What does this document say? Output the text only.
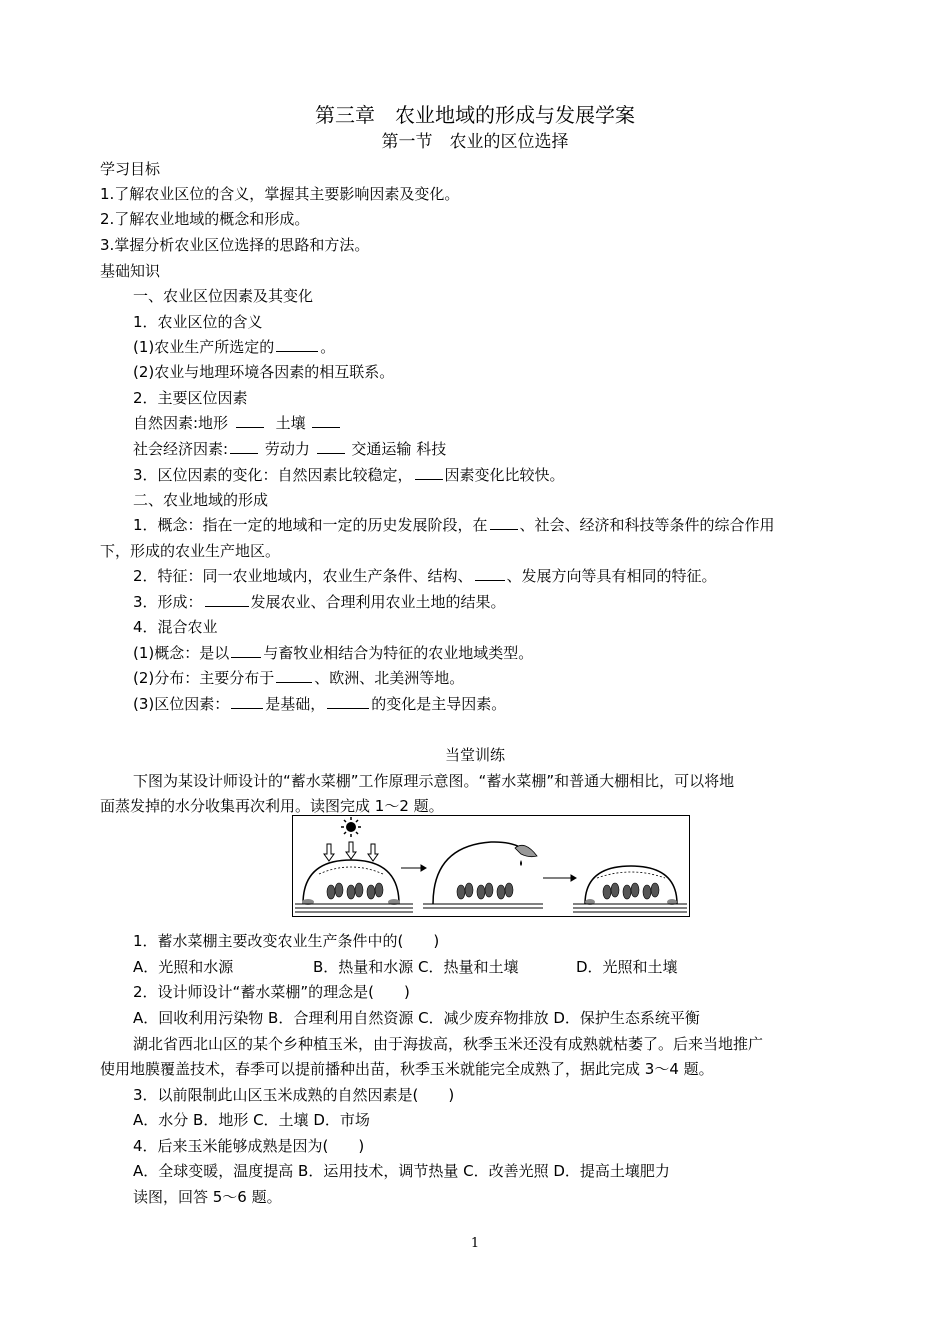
第三章　农业地域的形成与发展学案
第一节　农业的区位选择
学习目标
1.了解农业区位的含义，掌握其主要影响因素及变化。
2.了解农业地域的概念和形成。
3.掌握分析农业区位选择的思路和方法。
基础知识
一、农业区位因素及其变化
1．农业区位的含义
(1)农业生产所选定的	。
(2)农业与地理环境各因素的相互联系。
2．主要区位因素
自然因素:地形	土壤
社会经济因素: 劳动力	交通运输 科技
3．区位因素的变化：自然因素比较稳定， 因素变化比较快。
二、农业地域的形成
1．概念：指在一定的地域和一定的历史发展阶段，在 、社会、经济和科技等条件的综合作用
下，形成的农业生产地区。
2．特征：同一农业地域内，农业生产条件、结构、 、发展方向等具有相同的特征。
3．形成：	发展农业、合理利用农业土地的结果。
4．混合农业
(1)概念：是以 与畜牧业相结合为特征的农业地域类型。
(2)分布：主要分布于	、欧洲、北美洲等地。
(3)区位因素： 是基础，	的变化是主导因素。
当堂训练
下图为某设计师设计的“蓄水菜棚”工作原理示意图。“蓄水菜棚”和普通大棚相比，可以将地
面蒸发掉的水分收集再次利用。读图完成 1～2 题。
1．蓄水菜棚主要改变农业生产条件中的(　　)
A．光照和水源	B．热量和水源 C．热量和土壤	D．光照和土壤
2．设计师设计“蓄水菜棚”的理念是(　　)
A．回收利用污染物 B．合理利用自然资源 C．减少废弃物排放 D．保护生态系统平衡
湖北省西北山区的某个乡种植玉米，由于海拔高，秋季玉米还没有成熟就枯萎了。后来当地推广
使用地膜覆盖技术，春季可以提前播种出苗，秋季玉米就能完全成熟了，据此完成 3～4 题。
3．以前限制此山区玉米成熟的自然因素是(　　)
A．水分 B．地形 C．土壤 D．市场
4．后来玉米能够成熟是因为(　　)
A．全球变暖，温度提高 B．运用技术，调节热量 C．改善光照 D．提高土壤肥力
读图，回答 5～6 题。
1
